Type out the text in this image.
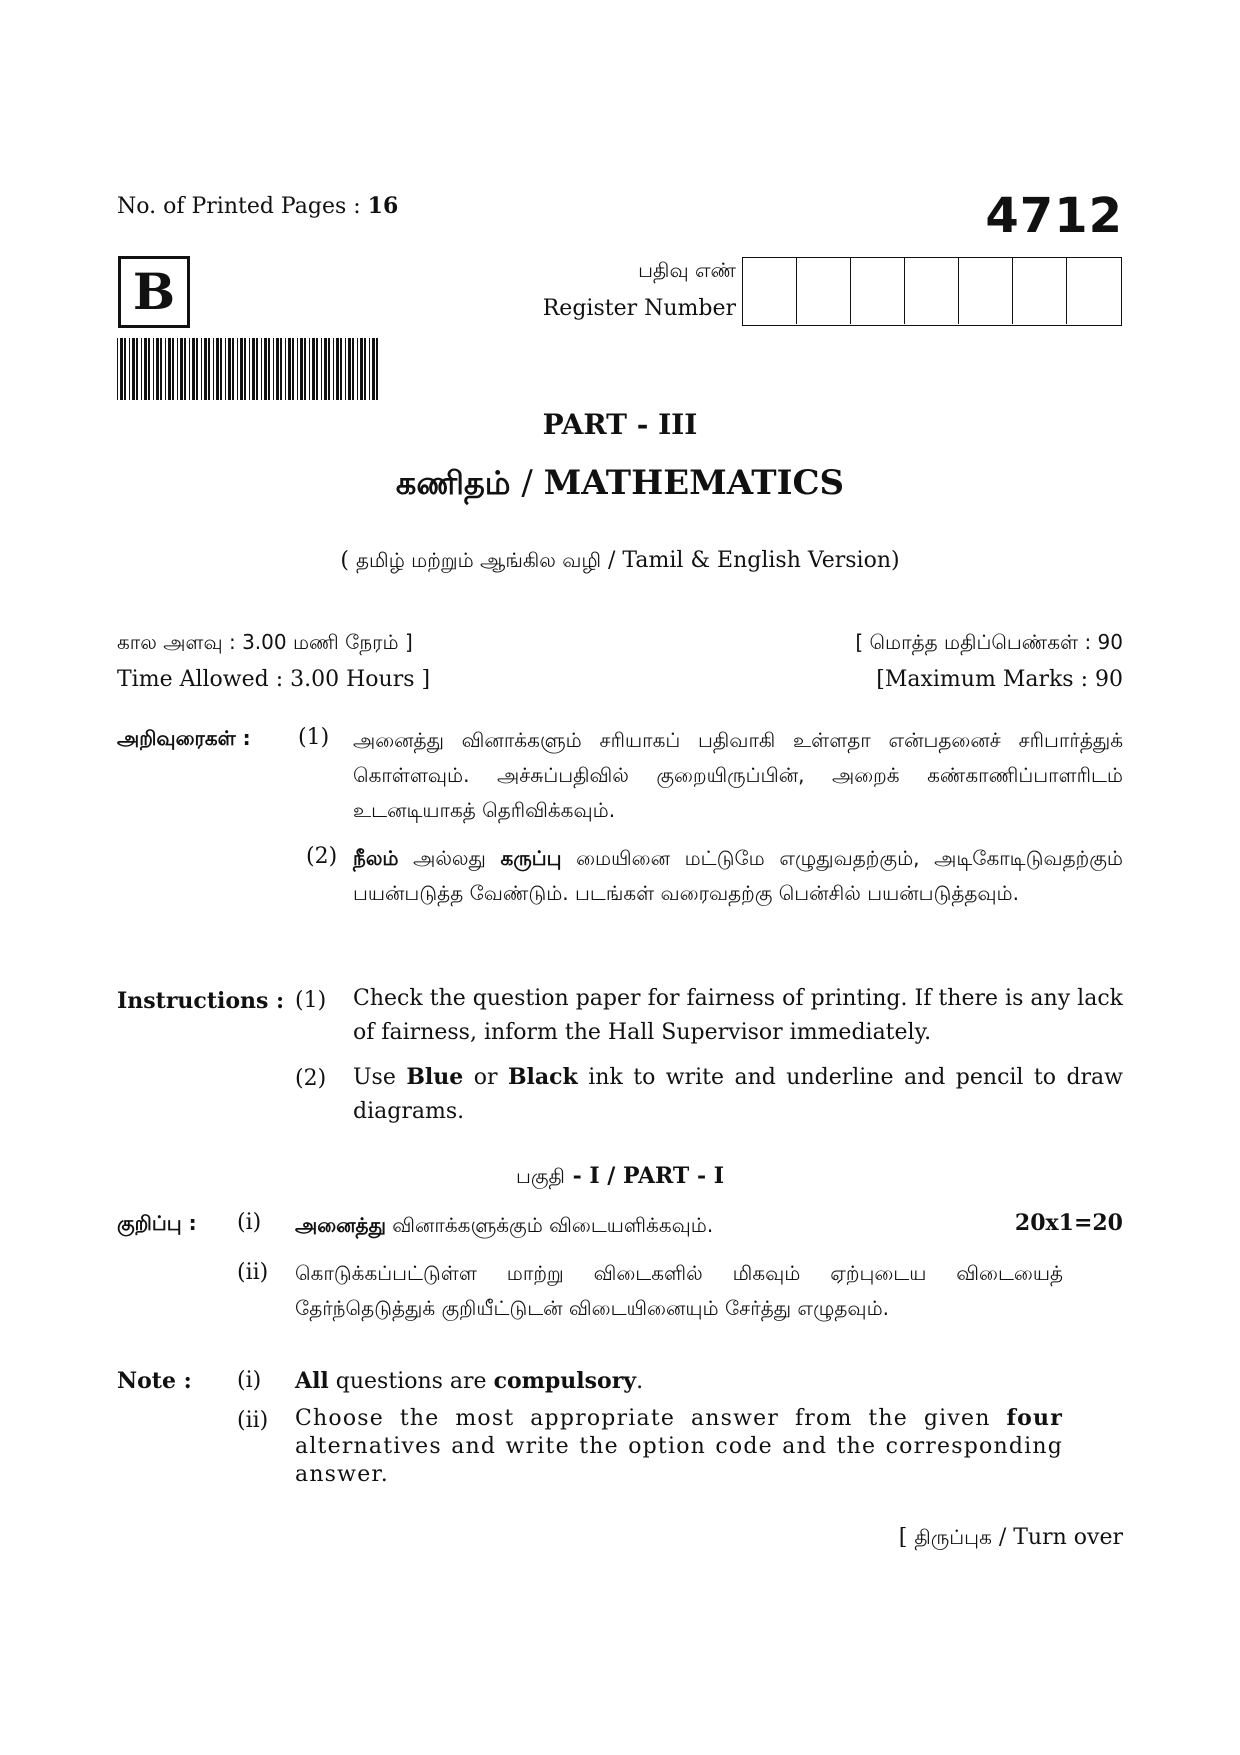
No. of Printed Pages : 16	4712
B	பதிவு எண்
Register Number
PART - III
கணிதம் / MATHEMATICS
( தமிழ் மற்றும் ஆங்கில வழி / Tamil & English Version)
கால அளவு : 3.00 மணி நேரம் ]	[ மொத்த மதிப்பெண்கள் : 90
Time Allowed : 3.00 Hours ]	[Maximum Marks : 90
அறிவுரைகள் : (1) அனைத்து வினாக்களும் சரியாகப் பதிவாகி உள்ளதா என்பதனைச் சரிபார்த்துக் கொள்ளவும். அச்சுப்பதிவில் குறையிருப்பின், அறைக் கண்காணிப்பாளரிடம் உடனடியாகத் தெரிவிக்கவும்.
(2) நீலம் அல்லது கருப்பு மையினை மட்டுமே எழுதுவதற்கும், அடிகோடிடுவதற்கும் பயன்படுத்த வேண்டும். படங்கள் வரைவதற்கு பென்சில் பயன்படுத்தவும்.
Instructions : (1) Check the question paper for fairness of printing. If there is any lack of fairness, inform the Hall Supervisor immediately.
(2) Use Blue or Black ink to write and underline and pencil to draw diagrams.
பகுதி - I / PART - I
குறிப்பு : (i) அனைத்து வினாக்களுக்கும் விடையளிக்கவும்.	20x1=20
(ii) கொடுக்கப்பட்டுள்ள மாற்று விடைகளில் மிகவும் ஏற்புடைய விடையைத் தேர்ந்தெடுத்துக் குறியீட்டுடன் விடையினையும் சேர்த்து எழுதவும்.
Note : (i) All questions are compulsory.
(ii) Choose the most appropriate answer from the given four alternatives and write the option code and the corresponding answer.
[ திருப்புக / Turn over
